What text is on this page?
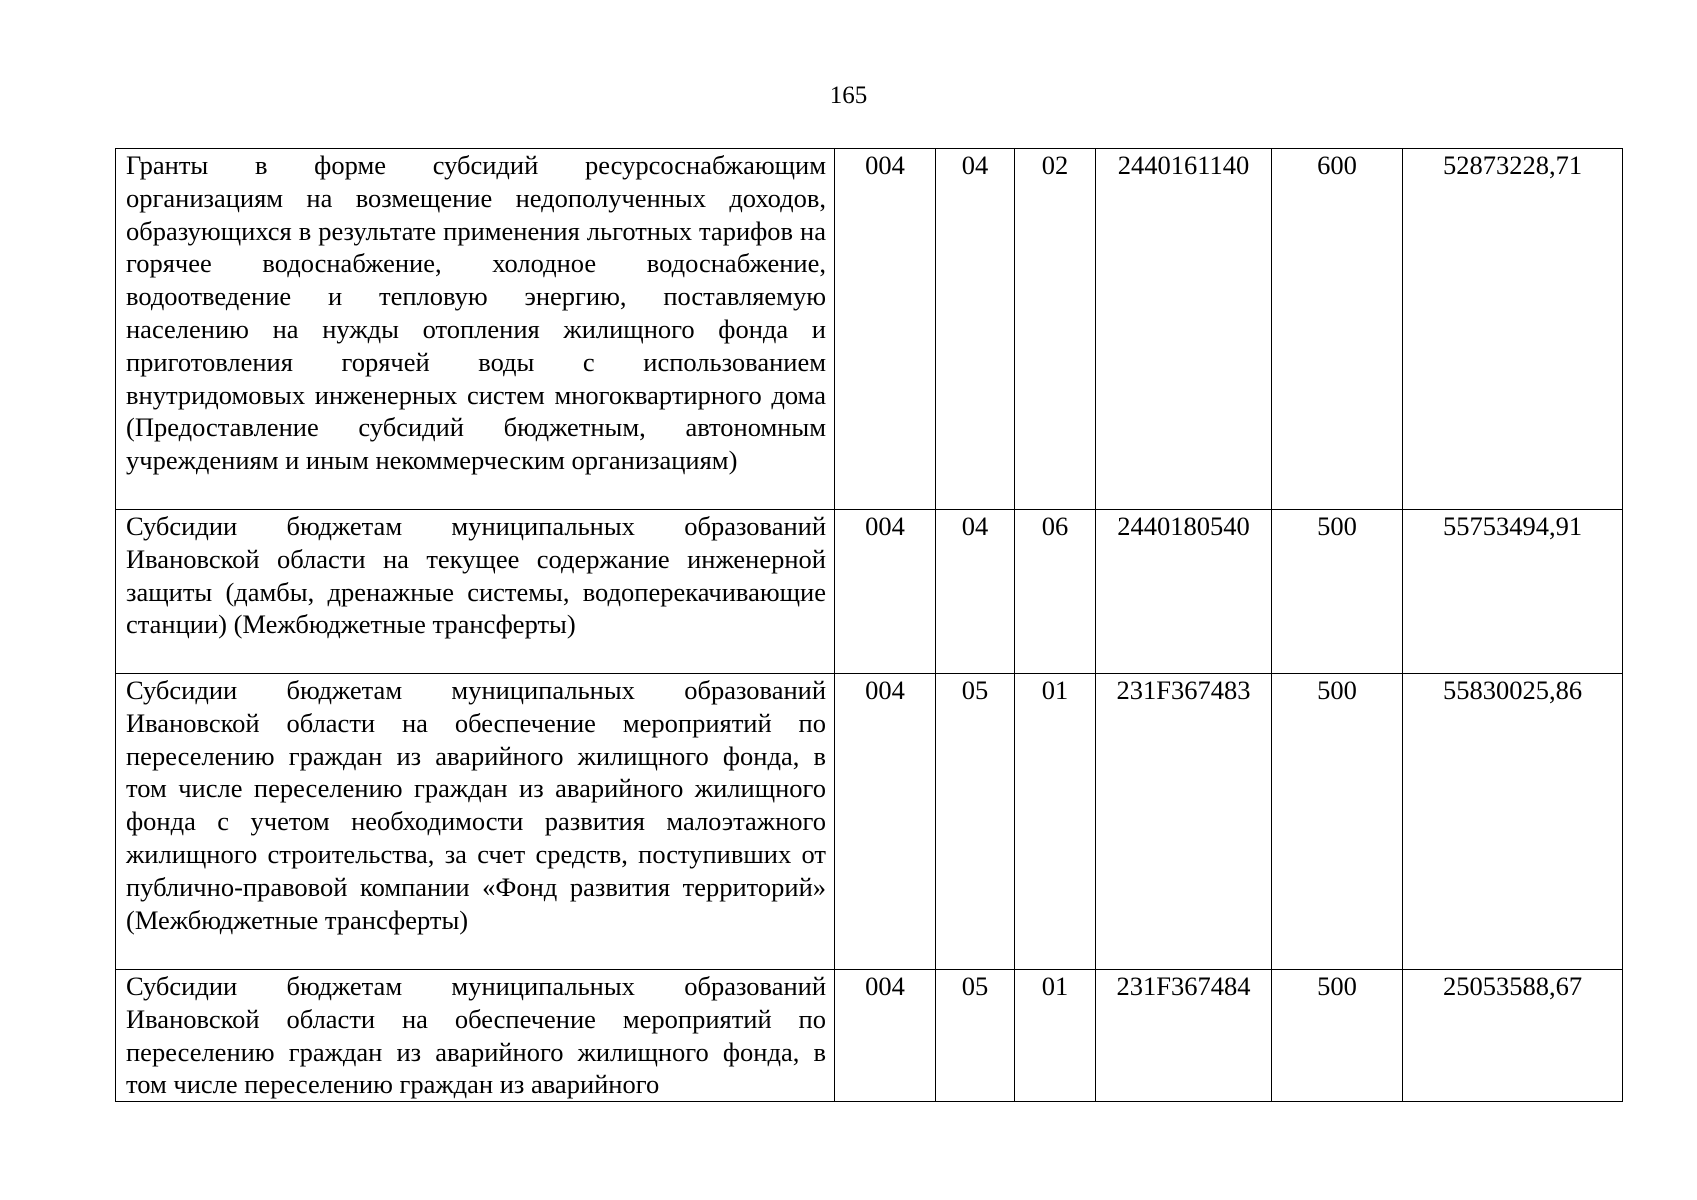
165
Гранты в форме субсидий ресурсоснабжающим организациям на возмещение недополученных доходов, образующихся в результате применения льготных тарифов на горячее водоснабжение, холодное водоснабжение, водоотведение и тепловую энергию, поставляемую населению на нужды отопления жилищного фонда и приготовления горячей воды с использованием внутридомовых инженерных систем многоквартирного дома (Предоставление субсидий бюджетным, автономным учреждениям и иным некоммерческим организациям)	004	04	02	2440161140	600	52873228,71
Субсидии бюджетам муниципальных образований Ивановской области на текущее содержание инженерной защиты (дамбы, дренажные системы, водоперекачивающие станции) (Межбюджетные трансферты)	004	04	06	2440180540	500	55753494,91
Субсидии бюджетам муниципальных образований Ивановской области на обеспечение мероприятий по переселению граждан из аварийного жилищного фонда, в том числе переселению граждан из аварийного жилищного фонда с учетом необходимости развития малоэтажного жилищного строительства, за счет средств, поступивших от публично-правовой компании «Фонд развития территорий» (Межбюджетные трансферты)	004	05	01	231F367483	500	55830025,86
Субсидии бюджетам муниципальных образований Ивановской области на обеспечение мероприятий по переселению граждан из аварийного жилищного фонда, в том числе переселению граждан из аварийного	004	05	01	231F367484	500	25053588,67
